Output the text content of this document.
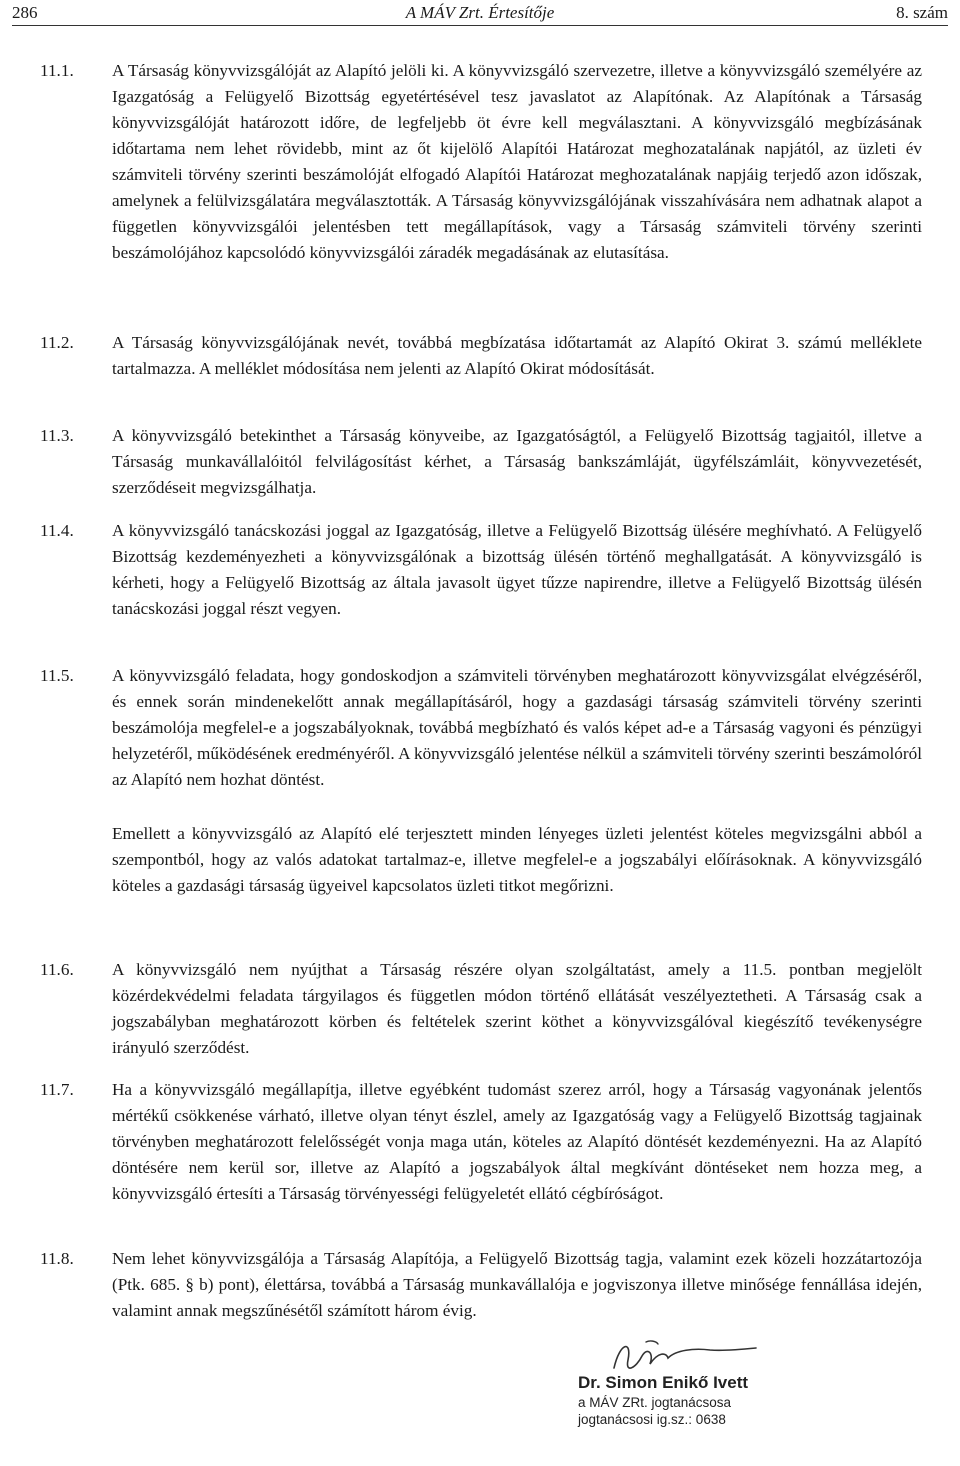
286	A MÁV Zrt. Értesítője	8. szám
11.1. A Társaság könyvvizsgálóját az Alapító jelöli ki. A könyvvizsgáló szervezetre, illetve a könyvvizsgáló személyére az Igazgatóság a Felügyelő Bizottság egyetértésével tesz javaslatot az Alapítónak. Az Alapítónak a Társaság könyvvizsgálóját határozott időre, de legfeljebb öt évre kell megválasztani. A könyvvizsgáló megbízásának időtartama nem lehet rövidebb, mint az őt kijelölő Alapítói Határozat meghozatalának napjától, az üzleti év számviteli törvény szerinti beszámolóját elfogadó Alapítói Határozat meghozatalának napjáig terjedő azon időszak, amelynek a felülvizsgálatára megválasztották. A Társaság könyvvizsgálójának visszahívására nem adhatnak alapot a független könyvvizsgálói jelentésben tett megállapítások, vagy a Társaság számviteli törvény szerinti beszámolójához kapcsolódó könyvvizsgálói záradék megadásának az elutasítása.

11.2. A Társaság könyvvizsgálójának nevét, továbbá megbízatása időtartamát az Alapító Okirat 3. számú melléklete tartalmazza. A melléklet módosítása nem jelenti az Alapító Okirat módosítását.

11.3. A könyvvizsgáló betekinthet a Társaság könyveibe, az Igazgatóságtól, a Felügyelő Bizottság tagjaitól, illetve a Társaság munkavállalóitól felvilágosítást kérhet, a Társaság bankszámláját, ügyfélszámláit, könyvvezetését, szerződéseit megvizsgálhatja.

11.4. A könyvvizsgáló tanácskozási joggal az Igazgatóság, illetve a Felügyelő Bizottság ülésére meghívható. A Felügyelő Bizottság kezdeményezheti a könyvvizsgálónak a bizottság ülésén történő meghallgatását. A könyvvizsgáló is kérheti, hogy a Felügyelő Bizottság az általa javasolt ügyet tűzze napirendre, illetve a Felügyelő Bizottság ülésén tanácskozási joggal részt vegyen.

11.5. A könyvvizsgáló feladata, hogy gondoskodjon a számviteli törvényben meghatározott könyvvizsgálat elvégzéséről, és ennek során mindenekelőtt annak megállapításáról, hogy a gazdasági társaság számviteli törvény szerinti beszámolója megfelel-e a jogszabályoknak, továbbá megbízható és valós képet ad-e a Társaság vagyoni és pénzügyi helyzetéről, működésének eredményéről. A könyvvizsgáló jelentése nélkül a számviteli törvény szerinti beszámolóról az Alapító nem hozhat döntést.

Emellett a könyvvizsgáló az Alapító elé terjesztett minden lényeges üzleti jelentést köteles megvizsgálni abból a szempontból, hogy az valós adatokat tartalmaz-e, illetve megfelel-e a jogszabályi előírásoknak. A könyvvizsgáló köteles a gazdasági társaság ügyeivel kapcsolatos üzleti titkot megőrizni.

11.6. A könyvvizsgáló nem nyújthat a Társaság részére olyan szolgáltatást, amely a 11.5. pontban megjelölt közérdekvédelmi feladata tárgyilagos és független módon történő ellátását veszélyeztetheti. A Társaság csak a jogszabályban meghatározott körben és feltételek szerint köthet a könyvvizsgálóval kiegészítő tevékenységre irányuló szerződést.

11.7. Ha a könyvvizsgáló megállapítja, illetve egyébként tudomást szerez arról, hogy a Társaság vagyonának jelentős mértékű csökkenése várható, illetve olyan tényt észlel, amely az Igazgatóság vagy a Felügyelő Bizottság tagjainak törvényben meghatározott felelősségét vonja maga után, köteles az Alapító döntését kezdeményezni. Ha az Alapító döntésére nem kerül sor, illetve az Alapító a jogszabályok által megkívánt döntéseket nem hozza meg, a könyvvizsgáló értesíti a Társaság törvényességi felügyeletét ellátó cégbíróságot.

11.8. Nem lehet könyvvizsgálója a Társaság Alapítója, a Felügyelő Bizottság tagja, valamint ezek közeli hozzátartozója (Ptk. 685. § b) pont), élettársa, továbbá a Társaság munkavállalója e jogviszonya illetve minősége fennállása idején, valamint annak megszűnésétől számított három évig.

Dr. Simon Enikő Ivett
a MÁV ZRt. jogtanácsosa
jogtanácsosi ig.sz.: 0638
